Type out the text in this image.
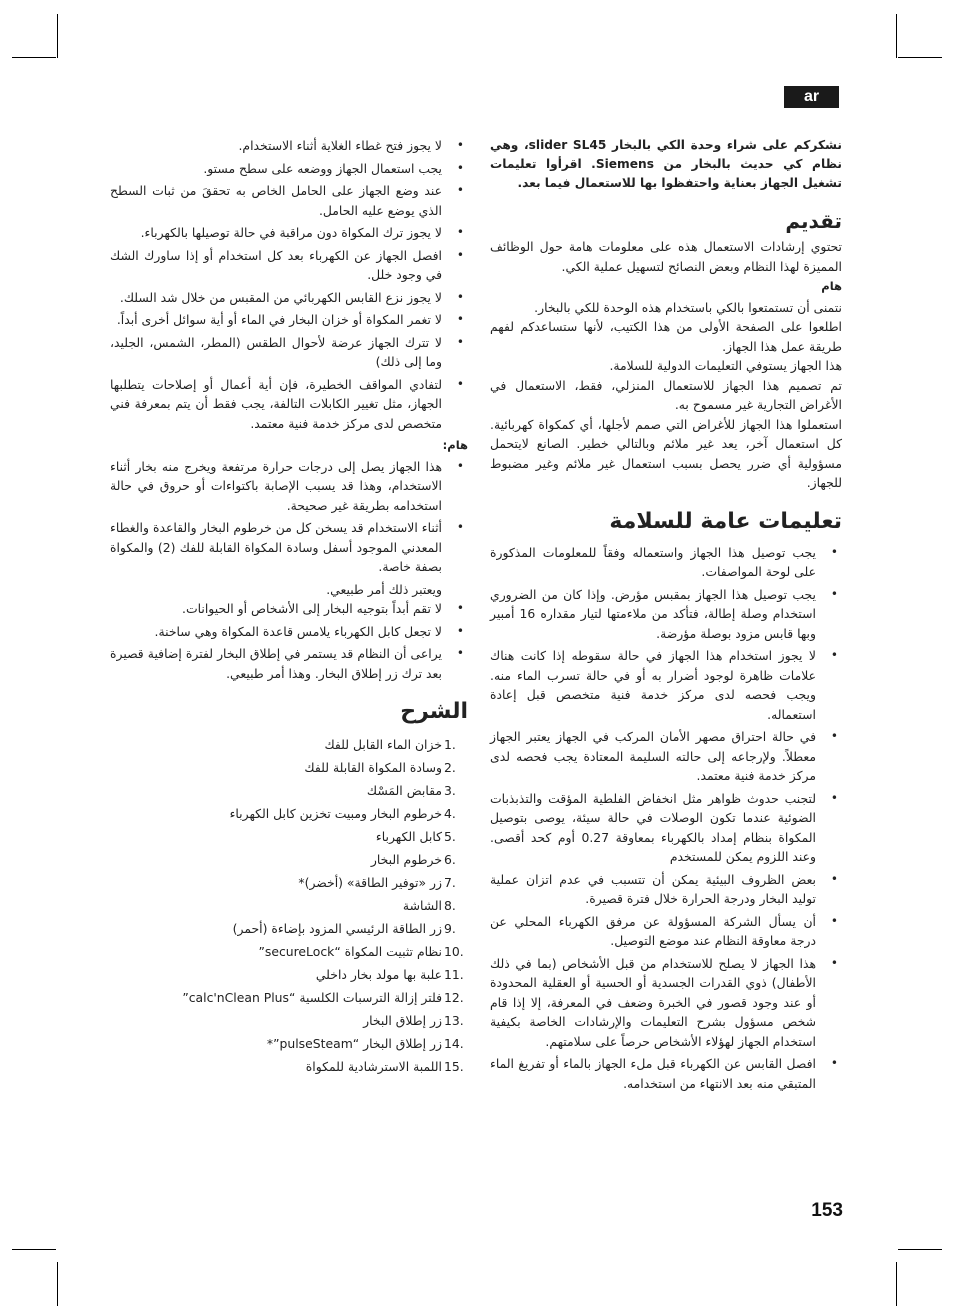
ar

نشكركم على شراء وحدة الكي بالبخار slider SL45، وهي نظام كي حديث بالبخار من Siemens. اقرأوا تعليمات تشغيل الجهاز بعناية واحتفظوا بها للاستعمال فيما بعد.

تقديم

تحتوي إرشادات الاستعمال هذه على معلومات هامة حول الوظائف المميزة لهذا النظام وبعض النصائح لتسهيل عملية الكي.

هام

نتمنى أن تستمتعوا بالكي باستخدام هذه الوحدة للكي بالبخار.

اطلعوا على الصفحة الأولى من هذا الكتيب، لأنها ستساعدكم لفهم طريقة عمل هذا الجهاز.

هذا الجهاز يستوفي التعليمات الدولية للسلامة.

تم تصميم هذا الجهاز للاستعمال المنزلي، فقط، الاستعمال في الأغراض التجارية غير مسموح به.

استعملوا هذا الجهاز للأغراض التي صمم لأجلها، أي كمكواة كهربائية. كل استعمال آخر، يعد غير ملائم وبالتالي خطير. الصانع لايتحمل مسؤولية أي ضرر يحصل بسبب استعمال غير ملائم وغير مضبوط للجهاز.

تعليمات عامة للسلامة
• يجب توصيل هذا الجهاز واستعماله وفقاً للمعلومات المذكورة على لوحة المواصفات.
• يجب توصيل هذا الجهاز بمقبس مؤرض. وإذا كان من الضروري استخدام وصلة إطالة، فتأكد من ملاءمتها لتيار مقداره 16 أمبير وبها قابس مزود بوصلة مؤرضة.
• لا يجوز استخدام هذا الجهاز في حالة سقوطه إذا كانت هناك علامات ظاهرة لوجود أضرار به أو في حالة تسرب الماء منه. ويجب فحصه لدى مركز خدمة فنية متخصص قبل إعادة استعماله.
• في حالة احتراق مصهر الأمان المركب في الجهاز يعتبر الجهاز معطلاً. ولإرجاعه إلى حالته السليمة المعتادة يجب فحصه لدى مركز خدمة فنية معتمد.
• لتجنب حدوث ظواهر مثل انخفاض الفلطية المؤقت والتذبذبات الضوئية عندما تكون الوصلات في حالة سيئة، يوصى بتوصيل المكواة بنظام إمداد بالكهرباء بمعاوقة 0.27 أوم كحد أقصى. وعند اللزوم يمكن للمستخدم
• بعض الظروف البيئية يمكن أن تتسبب في عدم اتزان عملية توليد البخار ودرجة الحرارة خلال فترة قصيرة.
• أن يسأل الشركة المسؤولة عن مرفق الكهرباء المحلي عن درجة معاوقة النظام عند موضع التوصيل.
• هذا الجهاز لا يصلح للاستخدام من قبل الأشخاص (بما في ذلك الأطفال) ذوي القدرات الجسدية أو الحسية أو العقلية المحدودة أو عند وجود قصور في الخبرة وضعف في المعرفة، إلا إذا قام شخص مسؤول بشرح التعليمات والإرشادات الخاصة بكيفية استخدام الجهاز لهؤلاء الأشخاص حرصاً على سلامتهم.
• افصل القابس عن الكهرباء قبل ملء الجهاز بالماء أو تفريغ الماء المتبقي منه بعد الانتهاء من استخدامه.
• لا يجوز فتح غطاء الغلاية أثناء الاستخدام.
• يجب استعمال الجهاز ووضعه على سطح مستو.
• عند وضع الجهاز على الحامل الخاص به تحققَ من ثبات السطح الذي يوضع عليه الحامل.
• لا يجوز ترك المكواة دون مراقبة في حالة توصيلها بالكهرباء.
• افصل الجهاز عن الكهرباء بعد كل استخدام أو إذا ساورك الشك في وجود خلل.
• لا يجوز نزع القابس الكهربائي من المقبس من خلال شد السلك.
• لا تغمر المكواة أو خزان البخار في الماء أو أية سوائل أخرى أبداً.
• لا تترك الجهاز عرضة لأحوال الطقس (المطر، الشمس، الجليد، وما إلى ذلك)
• لتفادي المواقف الخطيرة، فإن أية أعمال أو إصلاحات يتطلبها الجهاز، مثل تغيير الكابلات التالفة، يجب فقط أن يتم بمعرفة فني متخصص لدى مركز خدمة فنية معتمد.

هام:

• هذا الجهاز يصل إلى درجات حرارة مرتفعة ويخرج منه بخار أثناء الاستخدام، وهذا قد يسبب الإصابة باكتواءات أو حروق في حالة استخدامه بطريقة غير صحيحة.
• أثناء الاستخدام قد يسخن كل من خرطوم البخار والقاعدة والغطاء المعدني الموجود أسفل وسادة المكواة القابلة للفك (2) والمكواة بصفة خاصة.

ويعتبر ذلك أمر طبيعي.

• لا تقم أبداً بتوجيه البخار إلى الأشخاص أو الحيوانات.
• لا تجعل كابل الكهرباء يلامس قاعدة المكواة وهي ساخنة.
• يراعى أن النظام قد يستمر في إطلاق البخار لفترة إضافية قصيرة بعد ترك زر إطلاق البخار. وهذا أمر طبيعي.
الشرح
1.
خزان الماء القابل للفك
2.
وسادة المكواة القابلة للفك
3.
مقابض المَسْك
4.
خرطوم البخار ومبيت تخزين كابل الكهرباء
5.
كابل الكهرباء
6.
خرطوم البخار
7.
زر «توفير الطاقة» (أخضر)*
8.
الشاشة
9.
زر الطاقة الرئيسي المزود بإضاءة (أحمر)
10.
نظام تثبيت المكواة “secureLock”
11.
علبة بها مولد بخار داخلي
12.
فلتر إزالة الترسبات الكلسية “calc'nClean Plus”
13.
زر إطلاق البخار
14.
زر إطلاق البخار “pulseSteam”*
15.
اللمبة الاسترشادية للمكواة
153
